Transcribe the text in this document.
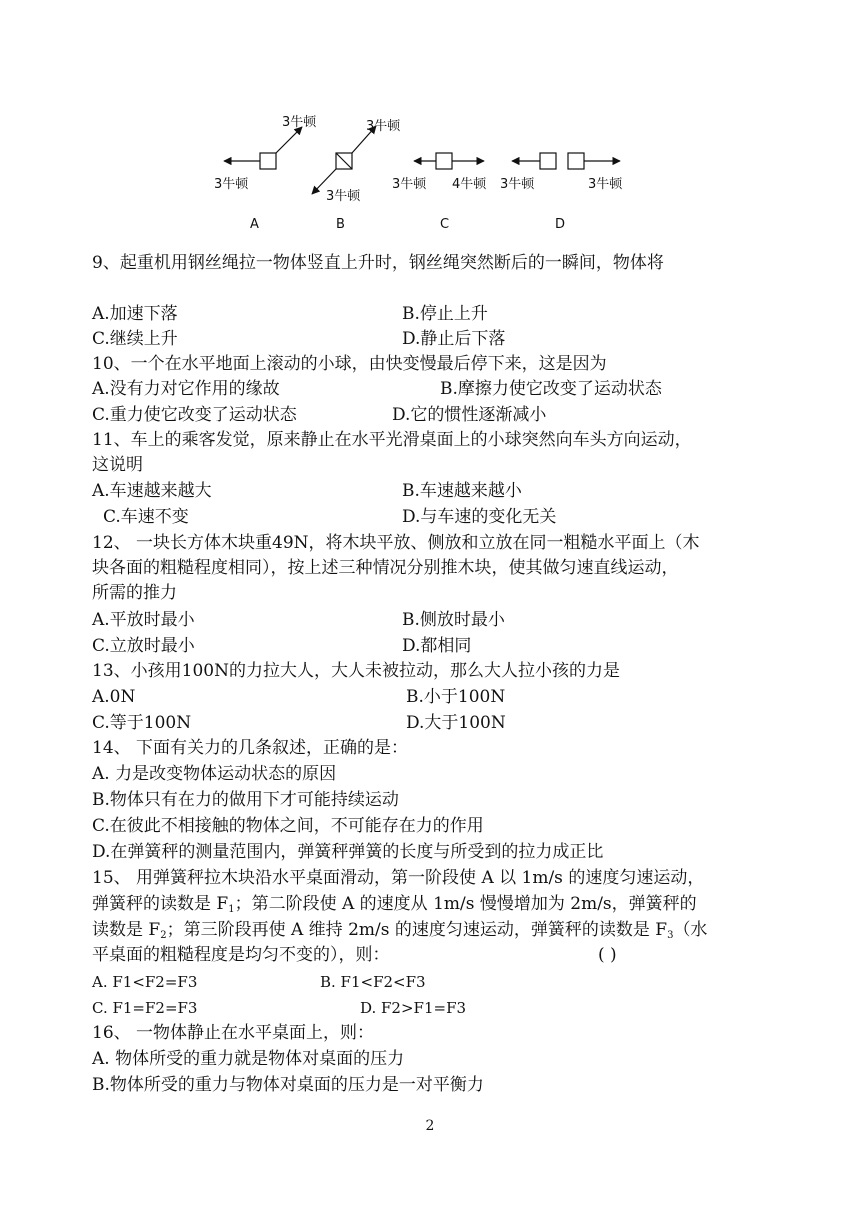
3牛顿
3牛顿
A
3牛顿
3牛顿
B
3牛顿 4牛顿
C
3牛顿	3牛顿
D
9、起重机用钢丝绳拉一物体竖直上升时，钢丝绳突然断后的一瞬间，物体将
A.加速下落	B.停止上升
C.继续上升	D.静止后下落
10、一个在水平地面上滚动的小球，由快变慢最后停下来，这是因为
A.没有力对它作用的缘故	B.摩擦力使它改变了运动状态
C.重力使它改变了运动状态	D.它的惯性逐渐减小
11、车上的乘客发觉，原来静止在水平光滑桌面上的小球突然向车头方向运动，
这说明
A.车速越来越大	B.车速越来越小
C.车速不变	D.与车速的变化无关
12、 一块长方体木块重49N，将木块平放、侧放和立放在同一粗糙水平面上（木
块各面的粗糙程度相同），按上述三种情况分别推木块，使其做匀速直线运动，
所需的推力
A.平放时最小	B.侧放时最小
C.立放时最小	D.都相同
13、小孩用100N的力拉大人，大人未被拉动，那么大人拉小孩的力是
A.0N	B.小于100N
C.等于100N	D.大于100N
14、 下面有关力的几条叙述，正确的是：
A. 力是改变物体运动状态的原因
B.物体只有在力的做用下才可能持续运动
C.在彼此不相接触的物体之间，不可能存在力的作用
D.在弹簧秤的测量范围内，弹簧秤弹簧的长度与所受到的拉力成正比
15、 用弹簧秤拉木块沿水平桌面滑动，第一阶段使 A 以 1m/s 的速度匀速运动，
弹簧秤的读数是 $F_1$；第二阶段使 A 的速度从 1m/s 慢慢增加为 2m/s，弹簧秤的
读数是 $F_2$；第三阶段再使 A 维持 2m/s 的速度匀速运动，弹簧秤的读数是 $F_3$（水
平桌面的粗糙程度是均匀不变的），则：	( )
A. F1<F2=F3	B. F1<F2<F3
C. F1=F2=F3	D. F2>F1=F3
16、 一物体静止在水平桌面上，则：
A. 物体所受的重力就是物体对桌面的压力
B.物体所受的重力与物体对桌面的压力是一对平衡力
2
